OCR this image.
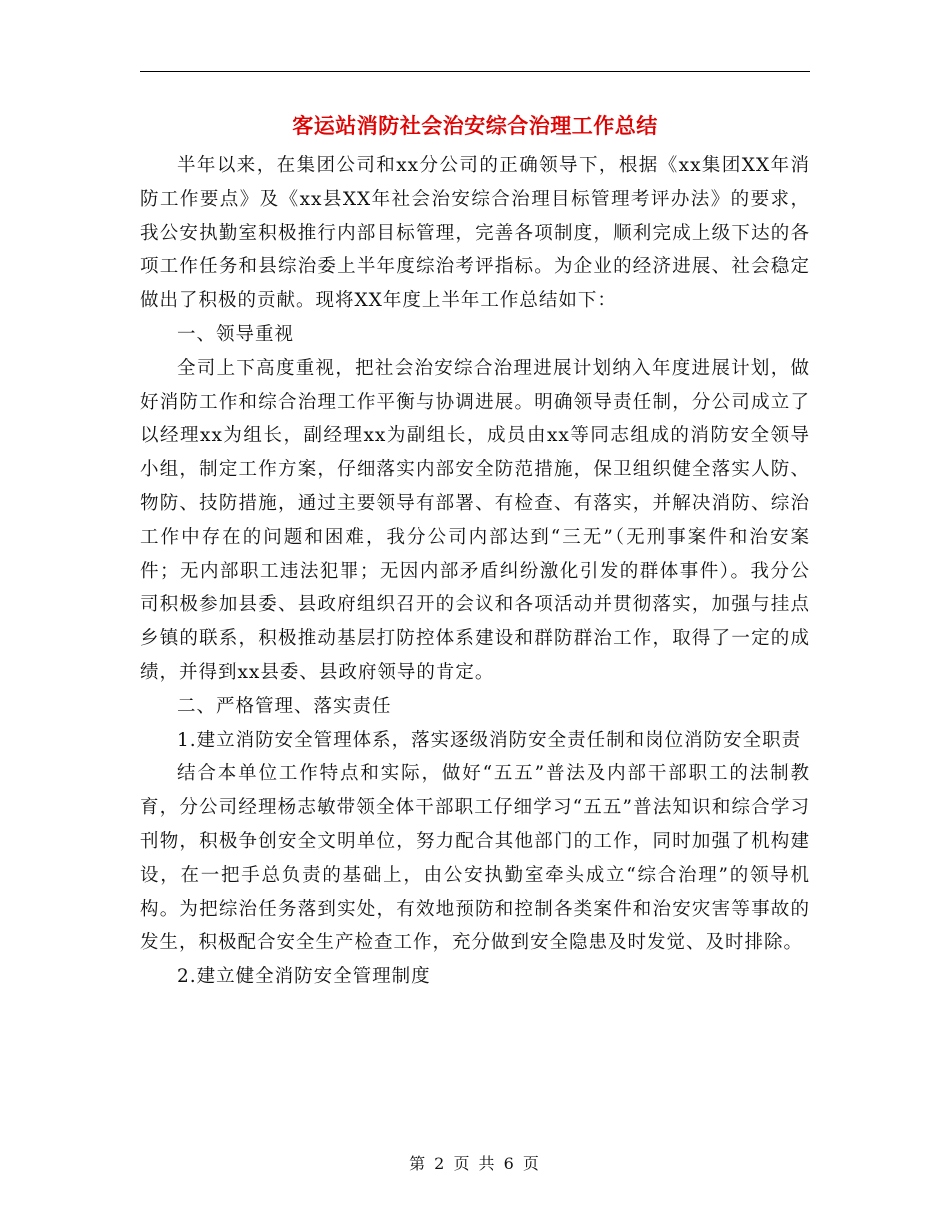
客运站消防社会治安综合治理工作总结

半年以来，在集团公司和xx分公司的正确领导下，根据《xx集团XX年消防工作要点》及《xx县XX年社会治安综合治理目标管理考评办法》的要求，我公安执勤室积极推行内部目标管理，完善各项制度，顺利完成上级下达的各项工作任务和县综治委上半年度综治考评指标。为企业的经济进展、社会稳定做出了积极的贡献。现将XX年度上半年工作总结如下：

一、领导重视

全司上下高度重视，把社会治安综合治理进展计划纳入年度进展计划，做好消防工作和综合治理工作平衡与协调进展。明确领导责任制，分公司成立了以经理xx为组长，副经理xx为副组长，成员由xx等同志组成的消防安全领导小组，制定工作方案，仔细落实内部安全防范措施，保卫组织健全落实人防、物防、技防措施，通过主要领导有部署、有检查、有落实，并解决消防、综治工作中存在的问题和困难，我分公司内部达到“三无”（无刑事案件和治安案件；无内部职工违法犯罪；无因内部矛盾纠纷激化引发的群体事件）。我分公司积极参加县委、县政府组织召开的会议和各项活动并贯彻落实，加强与挂点乡镇的联系，积极推动基层打防控体系建设和群防群治工作，取得了一定的成绩，并得到xx县委、县政府领导的肯定。

二、严格管理、落实责任

1.建立消防安全管理体系，落实逐级消防安全责任制和岗位消防安全职责

结合本单位工作特点和实际，做好“五五”普法及内部干部职工的法制教育，分公司经理杨志敏带领全体干部职工仔细学习“五五”普法知识和综合学习刊物，积极争创安全文明单位，努力配合其他部门的工作，同时加强了机构建设，在一把手总负责的基础上，由公安执勤室牵头成立“综合治理”的领导机构。为把综治任务落到实处，有效地预防和控制各类案件和治安灾害等事故的发生，积极配合安全生产检查工作，充分做到安全隐患及时发觉、及时排除。

2.建立健全消防安全管理制度

第 2 页 共 6 页
